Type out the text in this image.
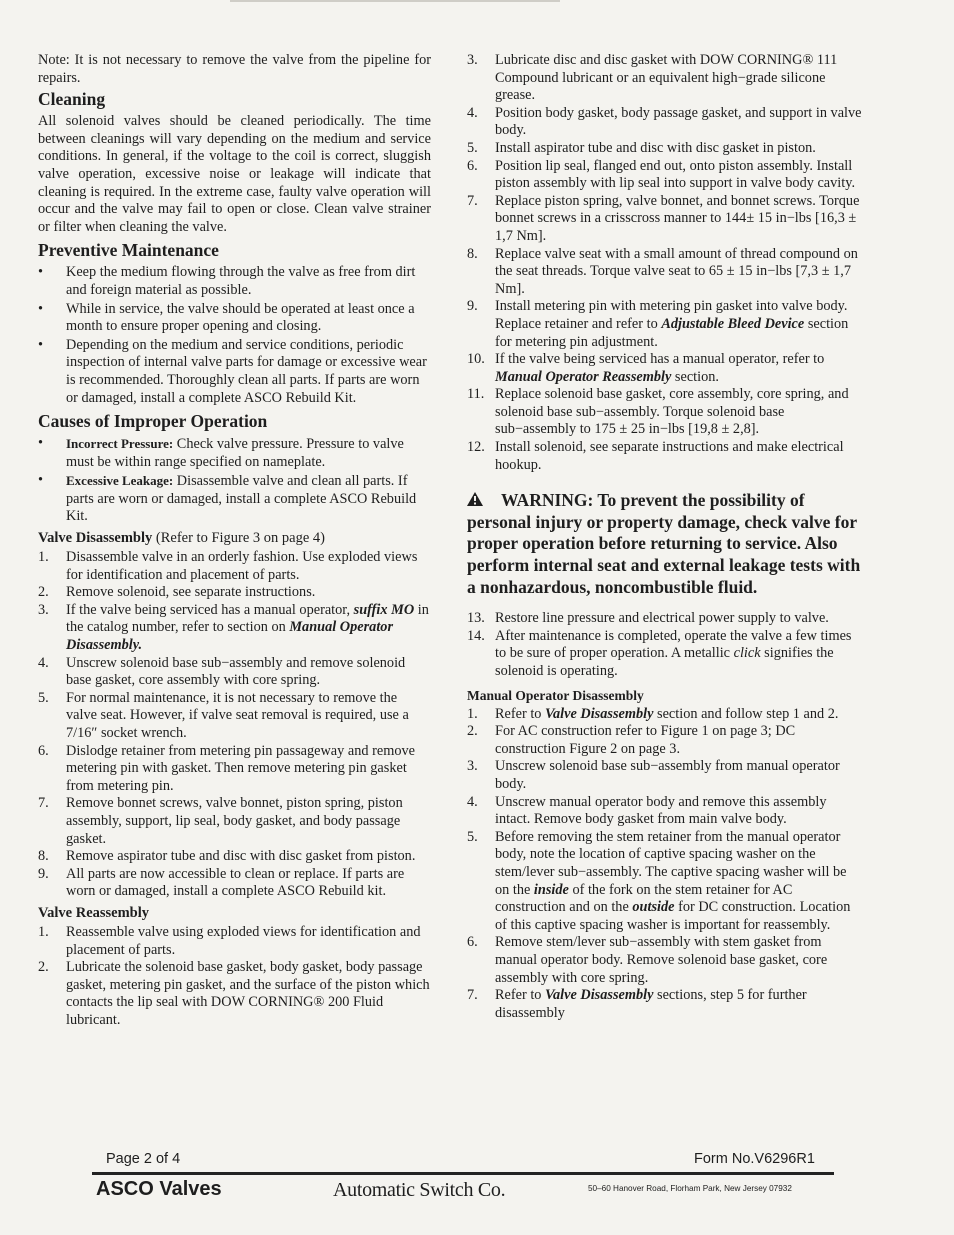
Note: It is not necessary to remove the valve from the pipeline for repairs.

Cleaning

All solenoid valves should be cleaned periodically. The time between cleanings will vary depending on the medium and service conditions. In general, if the voltage to the coil is correct, sluggish valve operation, excessive noise or leakage will indicate that cleaning is required. In the extreme case, faulty valve operation will occur and the valve may fail to open or close. Clean valve strainer or filter when cleaning the valve.

Preventive Maintenance
• Keep the medium flowing through the valve as free from dirt and foreign material as possible.
• While in service, the valve should be operated at least once a month to ensure proper opening and closing.
• Depending on the medium and service conditions, periodic inspection of internal valve parts for damage or excessive wear is recommended. Thoroughly clean all parts. If parts are worn or damaged, install a complete ASCO Rebuild Kit.
Causes of Improper Operation
• Incorrect Pressure: Check valve pressure. Pressure to valve must be within range specified on nameplate.
• Excessive Leakage: Disassemble valve and clean all parts. If parts are worn or damaged, install a complete ASCO Rebuild Kit.
Valve Disassembly (Refer to Figure 3 on page 4)
1.	Disassemble valve in an orderly fashion. Use exploded views for identification and placement of parts.
2.	Remove solenoid, see separate instructions.
3.	If the valve being serviced has a manual operator, suffix MO in the catalog number, refer to section on Manual Operator Disassembly.
4.	Unscrew solenoid base sub−assembly and remove solenoid base gasket, core assembly with core spring.
5.	For normal maintenance, it is not necessary to remove the valve seat. However, if valve seat removal is required, use a 7/16″ socket wrench.
6.	Dislodge retainer from metering pin passageway and remove metering pin with gasket. Then remove metering pin gasket from metering pin.
7.	Remove bonnet screws, valve bonnet, piston spring, piston assembly, support, lip seal, body gasket, and body passage gasket.
8.	Remove aspirator tube and disc with disc gasket from piston.
9.	All parts are now accessible to clean or replace. If parts are worn or damaged, install a complete ASCO Rebuild kit.
Valve Reassembly
1.	Reassemble valve using exploded views for identification and placement of parts.
2.	Lubricate the solenoid base gasket, body gasket, body passage gasket, metering pin gasket, and the surface of the piston which contacts the lip seal with DOW CORNING® 200 Fluid lubricant.
3.	Lubricate disc and disc gasket with DOW CORNING® 111 Compound lubricant or an equivalent high−grade silicone grease.
4.	Position body gasket, body passage gasket, and support in valve body.
5.	Install aspirator tube and disc with disc gasket in piston.
6.	Position lip seal, flanged end out, onto piston assembly. Install piston assembly with lip seal into support in valve body cavity.
7.	Replace piston spring, valve bonnet, and bonnet screws. Torque bonnet screws in a crisscross manner to 144± 15 in−lbs [16,3 ± 1,7 Nm].
8.	Replace valve seat with a small amount of thread compound on the seat threads. Torque valve seat to 65 ± 15 in−lbs [7,3 ± 1,7 Nm].
9.	Install metering pin with metering pin gasket into valve body. Replace retainer and refer to Adjustable Bleed Device section for metering pin adjustment.
10. If the valve being serviced has a manual operator, refer to Manual Operator Reassembly section.
11. Replace solenoid base gasket, core assembly, core spring, and solenoid base sub−assembly. Torque solenoid base sub−assembly to 175 ± 25 in−lbs [19,8 ± 2,8].
12. Install solenoid, see separate instructions and make electrical hookup.
WARNING: To prevent the possibility of personal injury or property damage, check valve for proper operation before returning to service. Also perform internal seat and external leakage tests with a nonhazardous, noncombustible fluid.
13. Restore line pressure and electrical power supply to valve.
14. After maintenance is completed, operate the valve a few times to be sure of proper operation. A metallic click signifies the solenoid is operating.
Manual Operator Disassembly
1.	Refer to Valve Disassembly section and follow step 1 and 2.
2.	For AC construction refer to Figure 1 on page 3; DC construction Figure 2 on page 3.
3.	Unscrew solenoid base sub−assembly from manual operator body.
4.	Unscrew manual operator body and remove this assembly intact. Remove body gasket from main valve body.
5.	Before removing the stem retainer from the manual operator body, note the location of captive spacing washer on the stem/lever sub−assembly. The captive spacing washer will be on the inside of the fork on the stem retainer for AC construction and on the outside for DC construction. Location of this captive spacing washer is important for reassembly.
6.	Remove stem/lever sub−assembly with stem gasket from manual operator body. Remove solenoid base gasket, core assembly with core spring.
7.	Refer to Valve Disassembly sections, step 5 for further disassembly
Page 2 of 4	Form No.V6296R1
ASCO Valves	Automatic Switch Co.	50–60 Hanover Road, Florham Park, New Jersey 07932
